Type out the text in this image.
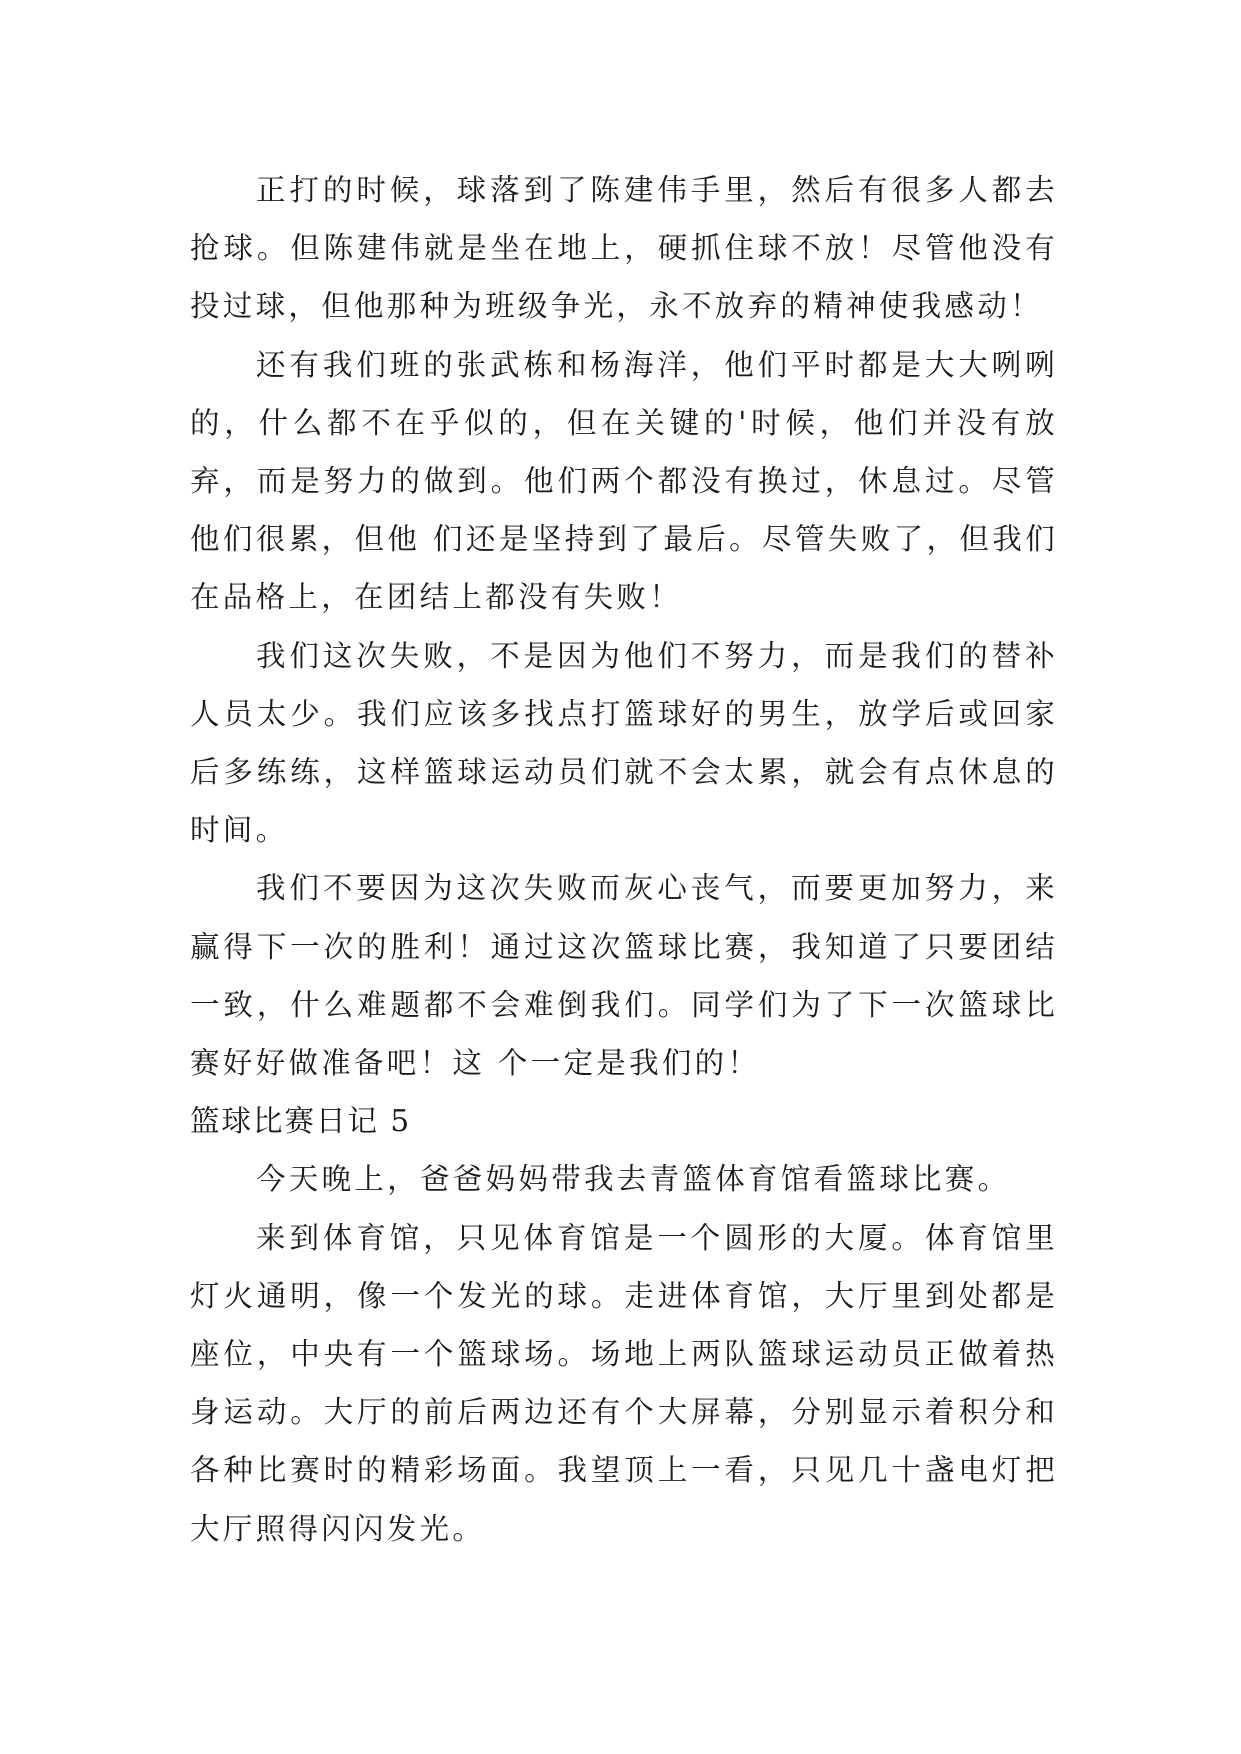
正打的时候，球落到了陈建伟手里，然后有很多人都去抢球。但陈建伟就是坐在地上，硬抓住球不放！尽管他没有投过球，但他那种为班级争光，永不放弃的精神使我感动！

还有我们班的张武栋和杨海洋，他们平时都是大大咧咧的，什么都不在乎似的，但在关键的'时候，他们并没有放弃，而是努力的做到。他们两个都没有换过，休息过。尽管他们很累，但他 们还是坚持到了最后。尽管失败了，但我们在品格上，在团结上都没有失败！

我们这次失败，不是因为他们不努力，而是我们的替补人员太少。我们应该多找点打篮球好的男生，放学后或回家后多练练，这样篮球运动员们就不会太累，就会有点休息的时间。

我们不要因为这次失败而灰心丧气，而要更加努力，来赢得下一次的胜利！通过这次篮球比赛，我知道了只要团结一致，什么难题都不会难倒我们。同学们为了下一次篮球比赛好好做准备吧！这 个一定是我们的！

篮球比赛日记 5

今天晚上，爸爸妈妈带我去青篮体育馆看篮球比赛。

来到体育馆，只见体育馆是一个圆形的大厦。体育馆里灯火通明，像一个发光的球。走进体育馆，大厅里到处都是座位，中央有一个篮球场。场地上两队篮球运动员正做着热身运动。大厅的前后两边还有个大屏幕，分别显示着积分和各种比赛时的精彩场面。我望顶上一看，只见几十盏电灯把大厅照得闪闪发光。
